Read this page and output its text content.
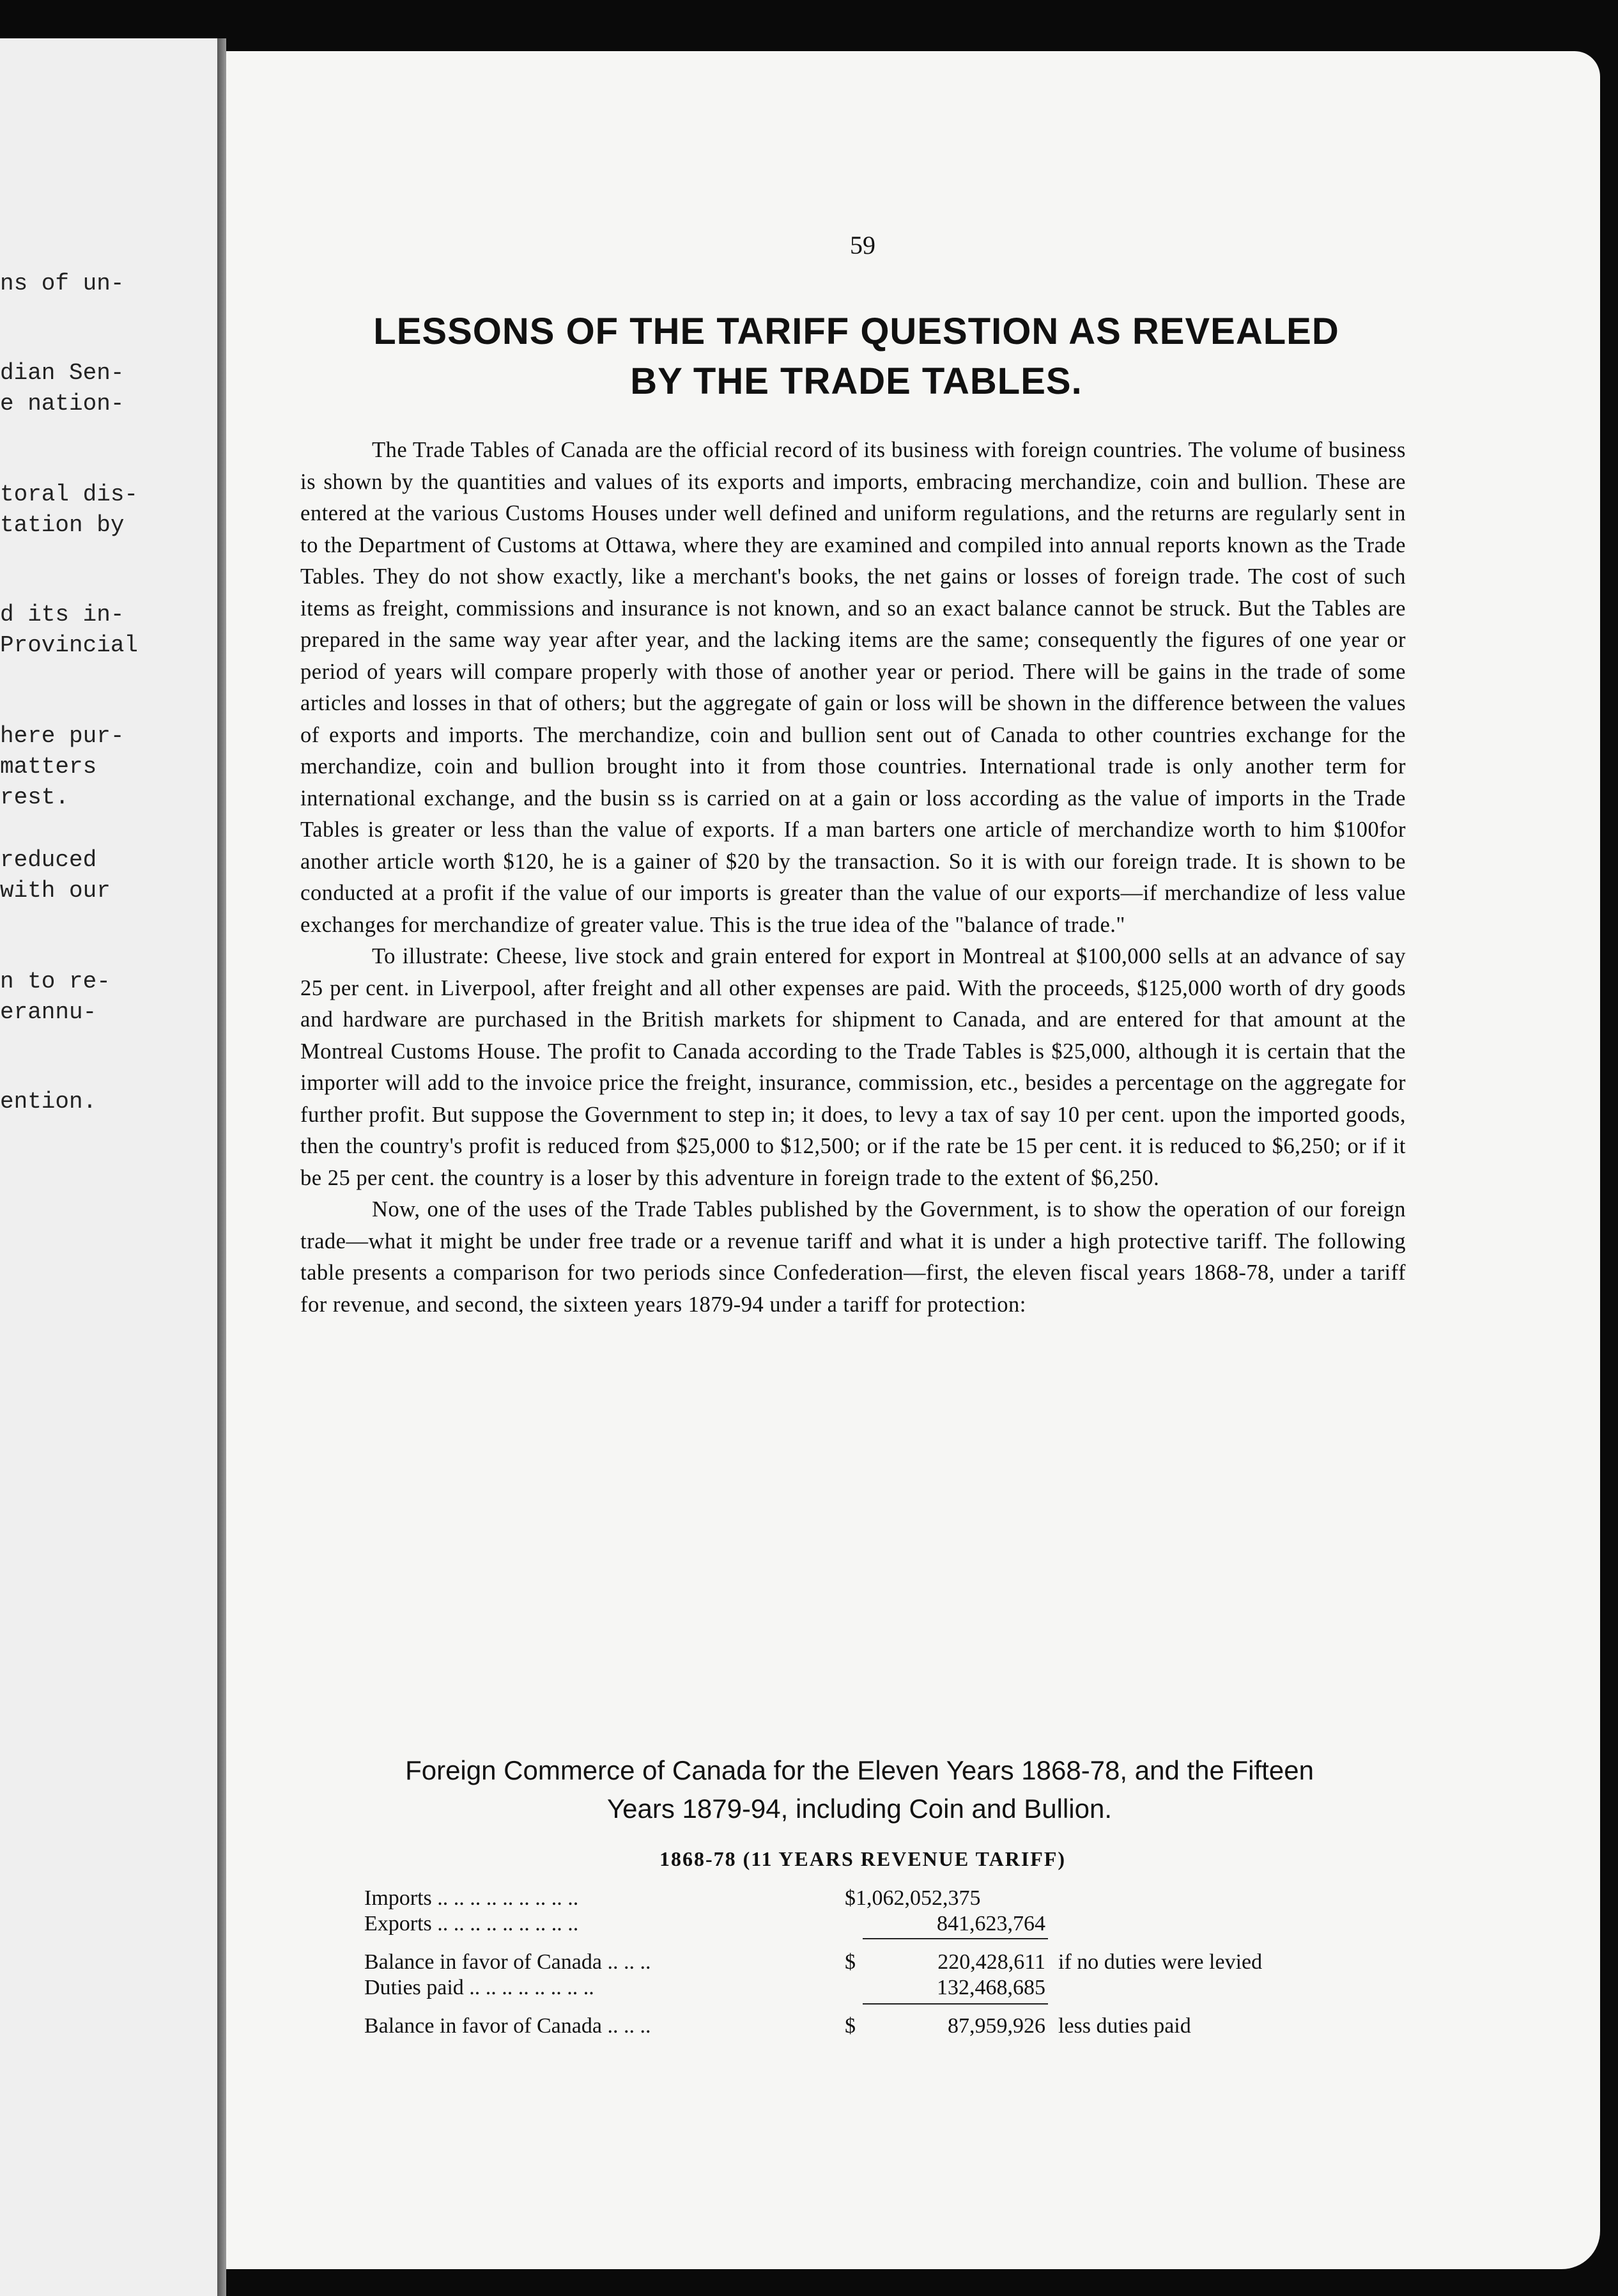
ns of un-
dian Sen-
e nation-
toral dis-
tation by
d its in-
Provincial
here pur-
matters
rest.
reduced
with our
n to re-
erannu-
ention.
59
LESSONS OF THE TARIFF QUESTION AS REVEALED
BY THE TRADE TABLES.

The Trade Tables of Canada are the official record of its business with foreign countries. The volume of business is shown by the quantities and values of its exports and imports, embracing merchandize, coin and bullion. These are entered at the various Customs Houses under well defined and uniform regulations, and the returns are regularly sent in to the Department of Customs at Ottawa, where they are examined and compiled into annual reports known as the Trade Tables. They do not show exactly, like a merchant's books, the net gains or losses of foreign trade. The cost of such items as freight, commissions and insurance is not known, and so an exact balance cannot be struck. But the Tables are prepared in the same way year after year, and the lacking items are the same; consequently the figures of one year or period of years will compare properly with those of another year or period. There will be gains in the trade of some articles and losses in that of others; but the aggregate of gain or loss will be shown in the difference between the values of exports and imports. The merchandize, coin and bullion sent out of Canada to other countries exchange for the merchandize, coin and bullion brought into it from those countries. International trade is only another term for international exchange, and the busin ss is carried on at a gain or loss according as the value of imports in the Trade Tables is greater or less than the value of exports. If a man barters one article of merchandize worth to him $100for another article worth $120, he is a gainer of $20 by the transaction. So it is with our foreign trade. It is shown to be conducted at a profit if the value of our imports is greater than the value of our exports—if merchandize of less value exchanges for merchandize of greater value. This is the true idea of the "balance of trade."

To illustrate: Cheese, live stock and grain entered for export in Montreal at $100,000 sells at an advance of say 25 per cent. in Liverpool, after freight and all other expenses are paid. With the proceeds, $125,000 worth of dry goods and hardware are purchased in the British markets for shipment to Canada, and are entered for that amount at the Montreal Customs House. The profit to Canada according to the Trade Tables is $25,000, although it is certain that the importer will add to the invoice price the freight, insurance, commission, etc., besides a percentage on the aggregate for further profit. But suppose the Government to step in; it does, to levy a tax of say 10 per cent. upon the imported goods, then the country's profit is reduced from $25,000 to $12,500; or if the rate be 15 per cent. it is reduced to $6,250; or if it be 25 per cent. the country is a loser by this adventure in foreign trade to the extent of $6,250.

Now, one of the uses of the Trade Tables published by the Government, is to show the operation of our foreign trade—what it might be under free trade or a revenue tariff and what it is under a high protective tariff. The following table presents a comparison for two periods since Confederation—first, the eleven fiscal years 1868-78, under a tariff for revenue, and second, the sixteen years 1879-94 under a tariff for protection:

Foreign Commerce of Canada for the Eleven Years 1868-78, and the Fifteen
Years 1879-94, including Coin and Bullion.
1868-78 (11 YEARS REVENUE TARIFF)
Imports .. .. .. .. .. .. .. .. ..	$1,062,052,375
Exports .. .. .. .. .. .. .. .. ..	841,623,764
Balance in favor of Canada .. .. ..	$	220,428,611 if no duties were levied
Duties paid .. .. .. .. .. .. .. ..	132,468,685
Balance in favor of Canada .. .. ..	$	87,959,926 less duties paid
